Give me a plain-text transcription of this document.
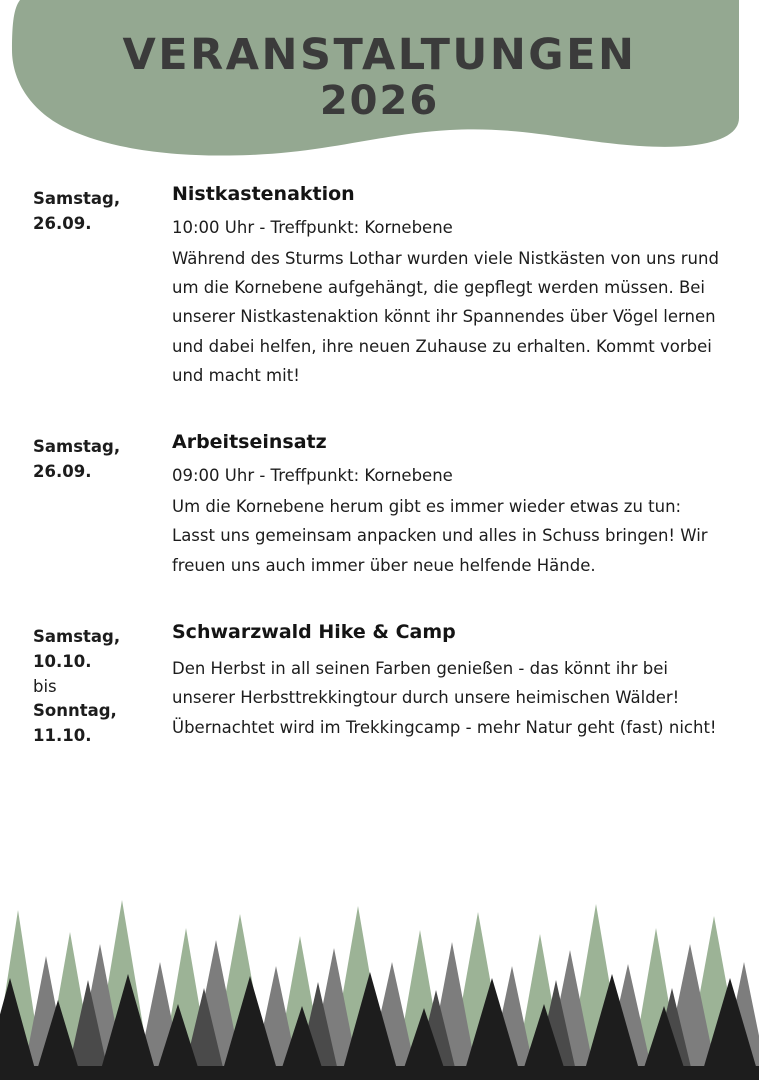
VERANSTALTUNGEN
2026
Samstag,
26.09.
Nistkastenaktion
10:00 Uhr - Treffpunkt: Kornebene
Während des Sturms Lothar wurden viele Nistkästen von uns rund um die Kornebene aufgehängt, die gepflegt werden müssen. Bei unserer Nistkastenaktion könnt ihr Spannendes über Vögel lernen und dabei helfen, ihre neuen Zuhause zu erhalten. Kommt vorbei und macht mit!
Samstag,
26.09.
Arbeitseinsatz
09:00 Uhr - Treffpunkt: Kornebene
Um die Kornebene herum gibt es immer wieder etwas zu tun: Lasst uns gemeinsam anpacken und alles in Schuss bringen! Wir freuen uns auch immer über neue helfende Hände.
Samstag,
10.10.
bis
Sonntag,
11.10.
Schwarzwald Hike & Camp
Den Herbst in all seinen Farben genießen - das könnt ihr bei unserer Herbsttrekkingtour durch unsere heimischen Wälder! Übernachtet wird im Trekkingcamp - mehr Natur geht (fast) nicht!
